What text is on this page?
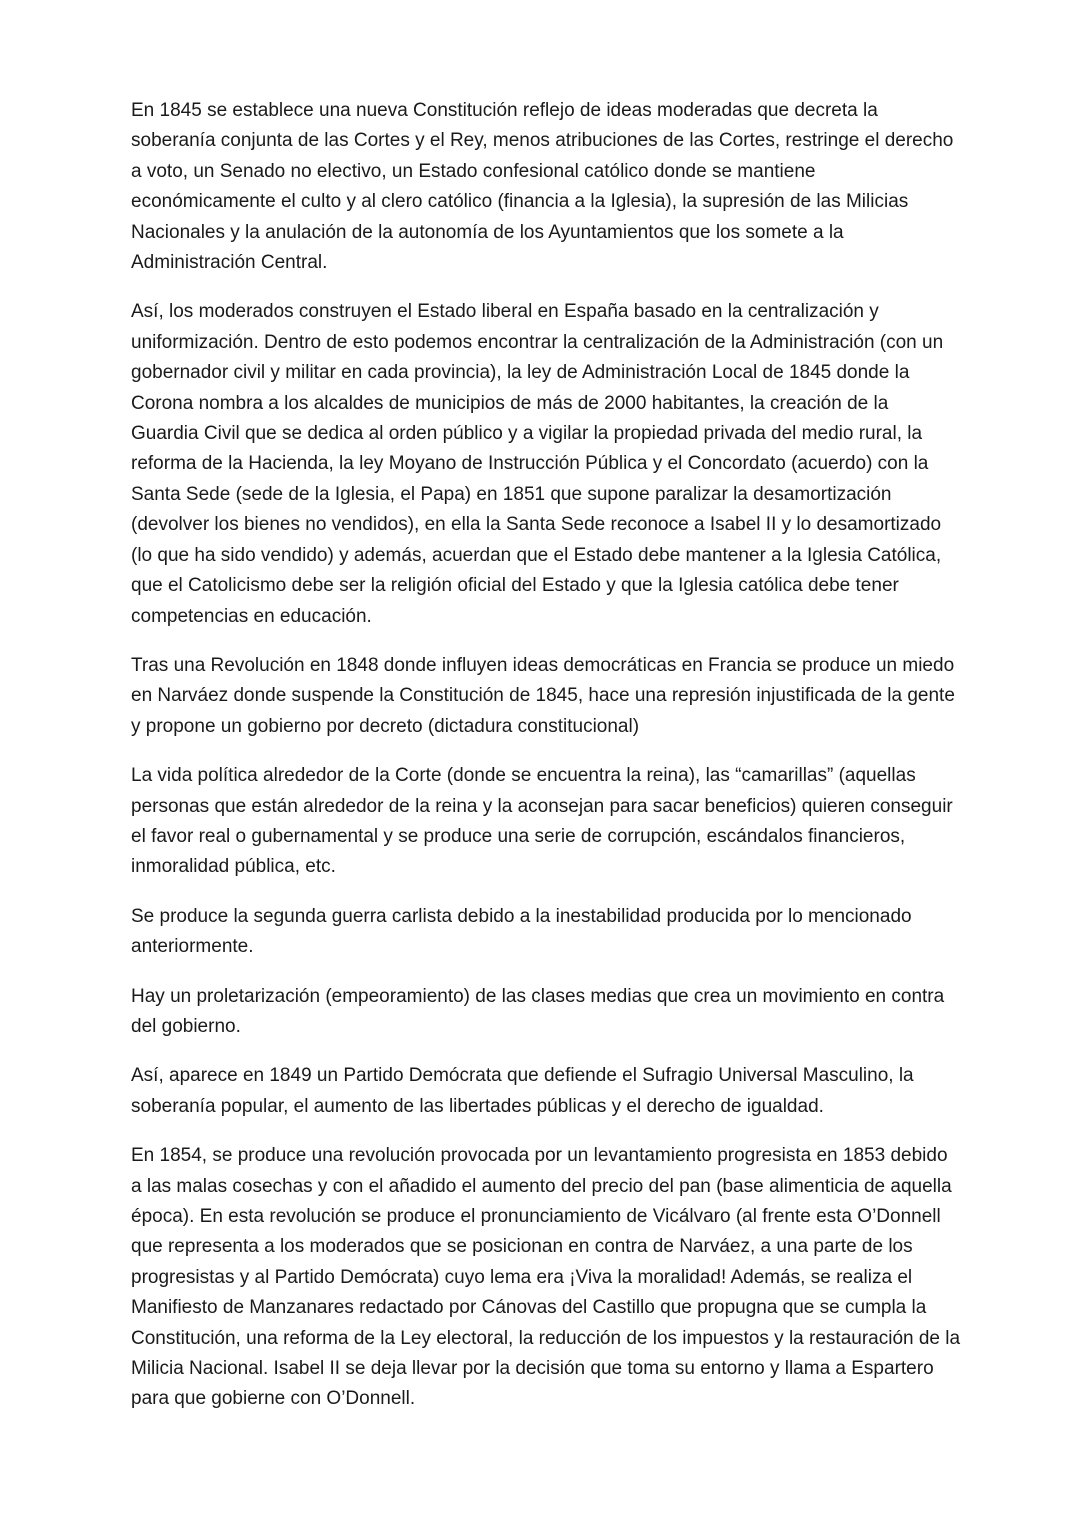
En 1845 se establece una nueva Constitución reflejo de ideas moderadas que decreta la soberanía conjunta de las Cortes y el Rey, menos atribuciones de las Cortes, restringe el derecho a voto, un Senado no electivo, un Estado confesional católico donde se mantiene económicamente el culto y al clero católico (financia a la Iglesia), la supresión de las Milicias Nacionales y la anulación de la autonomía de los Ayuntamientos que los somete a la Administración Central.

Así, los moderados construyen el Estado liberal en España basado en la centralización y uniformización. Dentro de esto podemos encontrar la centralización de la Administración (con un gobernador civil y militar en cada provincia), la ley de Administración Local de 1845 donde la Corona nombra a los alcaldes de municipios de más de 2000 habitantes, la creación de la Guardia Civil que se dedica al orden público y a vigilar la propiedad privada del medio rural, la reforma de la Hacienda, la ley Moyano de Instrucción Pública y el Concordato (acuerdo) con la Santa Sede (sede de la Iglesia, el Papa) en 1851 que supone paralizar la desamortización (devolver los bienes no vendidos), en ella la Santa Sede reconoce a Isabel II y lo desamortizado (lo que ha sido vendido) y además, acuerdan que el Estado debe mantener a la Iglesia Católica, que el Catolicismo debe ser la religión oficial del Estado y que la Iglesia católica debe tener competencias en educación.

Tras una Revolución en 1848 donde influyen ideas democráticas en Francia se produce un miedo en Narváez donde suspende la Constitución de 1845, hace una represión injustificada de la gente y propone un gobierno por decreto (dictadura constitucional)

La vida política alrededor de la Corte (donde se encuentra la reina), las “camarillas” (aquellas personas que están alrededor de la reina y la aconsejan para sacar beneficios) quieren conseguir el favor real o gubernamental y se produce una serie de corrupción, escándalos financieros, inmoralidad pública, etc.

Se produce la segunda guerra carlista debido a la inestabilidad producida por lo mencionado anteriormente.

Hay un proletarización (empeoramiento) de las clases medias que crea un movimiento en contra del gobierno.

Así, aparece en 1849 un Partido Demócrata que defiende el Sufragio Universal Masculino, la soberanía popular, el aumento de las libertades públicas y el derecho de igualdad.

En 1854, se produce una revolución provocada por un levantamiento progresista en 1853 debido a las malas cosechas y con el añadido el aumento del precio del pan (base alimenticia de aquella época). En esta revolución se produce el pronunciamiento de Vicálvaro (al frente esta O’Donnell que representa a los moderados que se posicionan en contra de Narváez, a una parte de los progresistas y al Partido Demócrata) cuyo lema era ¡Viva la moralidad! Además, se realiza el Manifiesto de Manzanares redactado por Cánovas del Castillo que propugna que se cumpla la Constitución, una reforma de la Ley electoral, la reducción de los impuestos y la restauración de la Milicia Nacional. Isabel II se deja llevar por la decisión que toma su entorno y llama a Espartero para que gobierne con O’Donnell.
